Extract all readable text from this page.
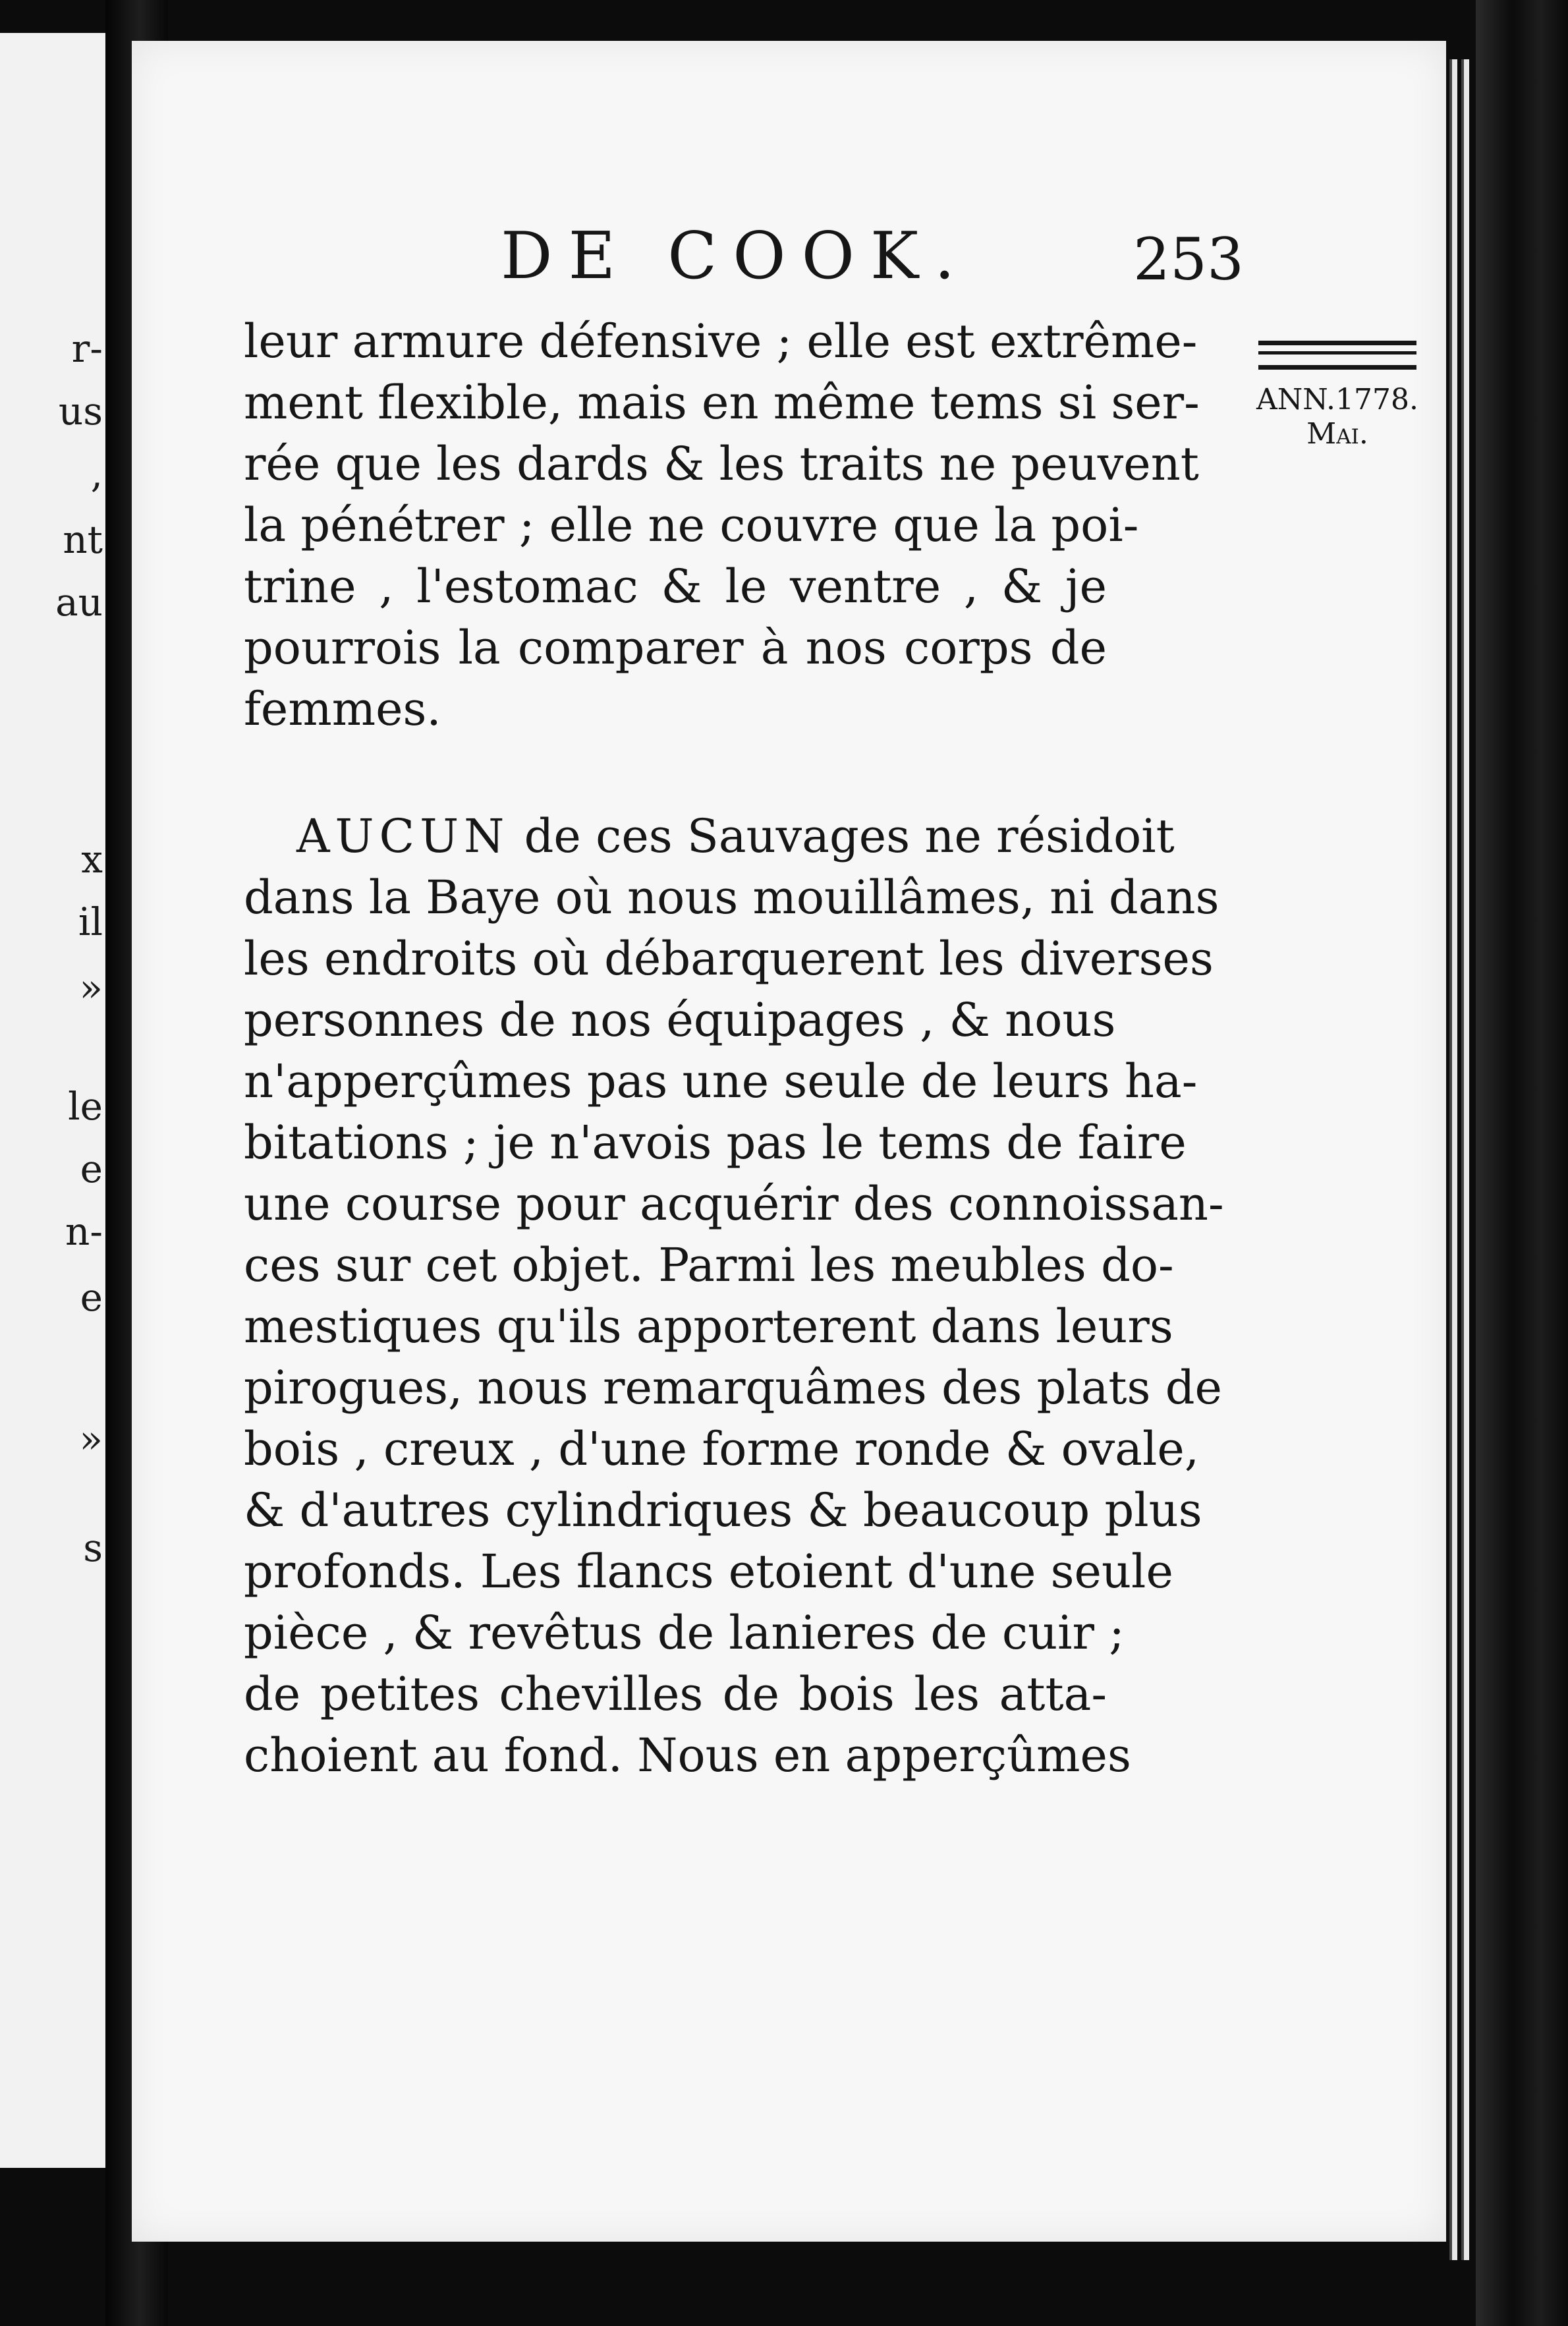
r-
us
,
nt
au
x
il
»
le
e
n-
e
»
s
DE COOK.	253
ANN.1778.
Mai.
leur armure défensive ; elle est extrême-
ment flexible, mais en même tems si ser-
rée que les dards & les traits ne peuvent
la pénétrer ; elle ne couvre que la poi-
trine , l'estomac & le ventre , & je
pourrois la comparer à nos corps de
femmes.
AUCUN de ces Sauvages ne résidoit
dans la Baye où nous mouillâmes, ni dans
les endroits où débarquerent les diverses
personnes de nos équipages , & nous
n'apperçûmes pas une seule de leurs ha-
bitations ; je n'avois pas le tems de faire
une course pour acquérir des connoissan-
ces sur cet objet. Parmi les meubles do-
mestiques qu'ils apporterent dans leurs
pirogues, nous remarquâmes des plats de
bois , creux , d'une forme ronde & ovale,
& d'autres cylindriques & beaucoup plus
profonds. Les flancs etoient d'une seule
pièce , & revêtus de lanieres de cuir ;
de petites chevilles de bois les atta-
choient au fond. Nous en apperçûmes
